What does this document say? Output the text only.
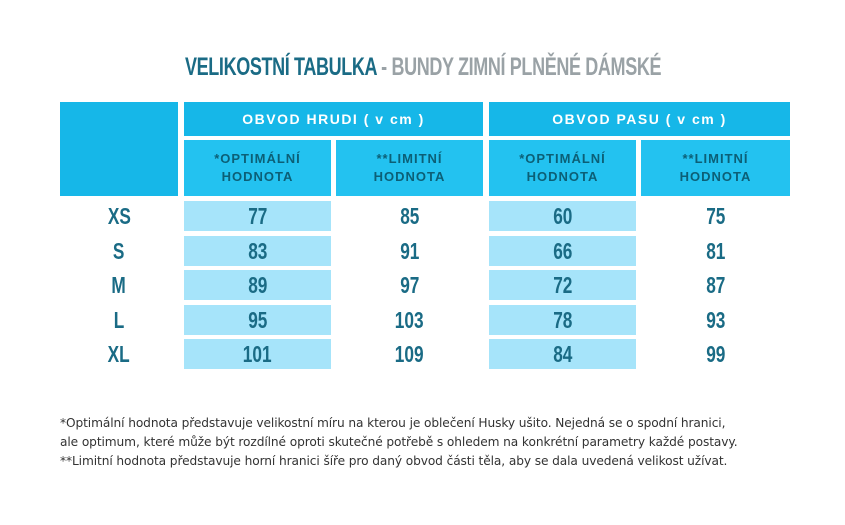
VELIKOSTNÍ TABULKA - BUNDY ZIMNÍ PLNĚNÉ DÁMSKÉ
OBVOD HRUDI ( v cm )	OBVOD PASU ( v cm )
*OPTIMÁLNÍ
HODNOTA
**LIMITNÍ
HODNOTA
*OPTIMÁLNÍ
HODNOTA
**LIMITNÍ
HODNOTA
XS	77	85	60	75
S	83	91	66	81
M	89	97	72	87
L	95	103	78	93
XL	101	109	84	99
*Optimální hodnota představuje velikostní míru na kterou je oblečení Husky ušito. Nejedná se o spodní hranici,
ale optimum, které může být rozdílné oproti skutečné potřebě s ohledem na konkrétní parametry každé postavy.
**Limitní hodnota představuje horní hranici šíře pro daný obvod části těla, aby se dala uvedená velikost užívat.
